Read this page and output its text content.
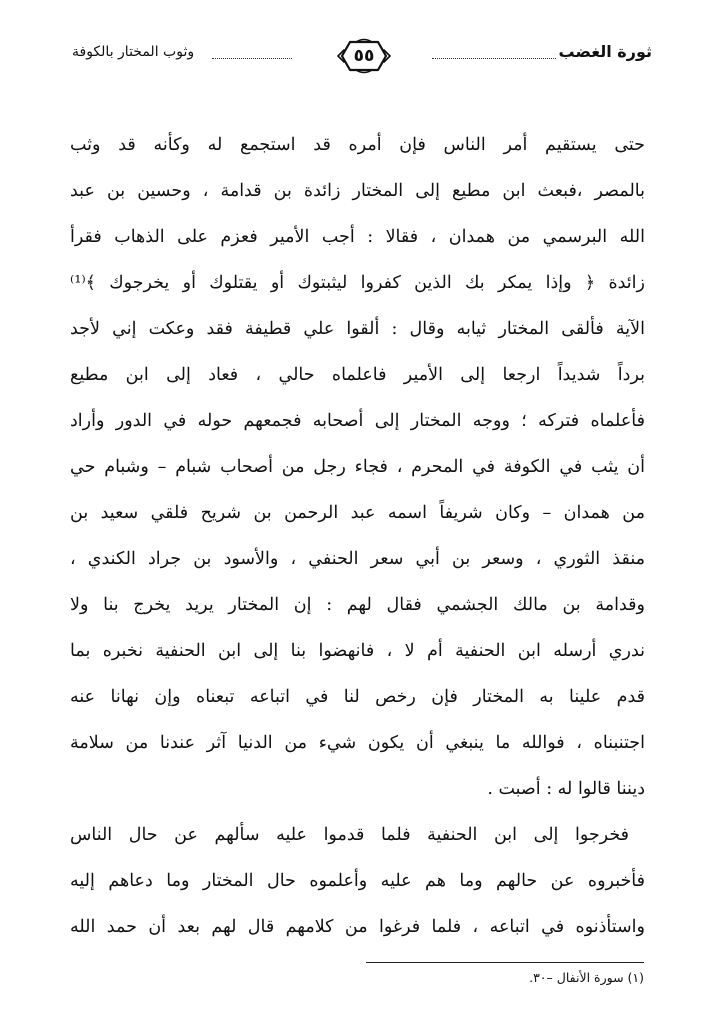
ثورة الغضب
٥٥
وثوب المختار بالكوفة
حتى يستقيم أمر الناس فإن أمره قد استجمع له وكأنه قد وثب
بالمصر ،فبعث ابن مطيع إلى المختار زائدة بن قدامة ، وحسين بن عبد
الله البرسمي من همدان ، فقالا : أجب الأمير فعزم على الذهاب فقرأ
زائدة ﴿ وإذا يمكر بك الذين كفروا ليثبتوك أو يقتلوك أو يخرجوك ﴾⁽¹⁾
الآية فألقى المختار ثيابه وقال : ألقوا علي قطيفة فقد وعكت إني لأجد
برداً شديداً ارجعا إلى الأمير فاعلماه حالي ، فعاد إلى ابن مطيع
فأعلماه فتركه ؛ ووجه المختار إلى أصحابه فجمعهم حوله في الدور وأراد
أن يثب في الكوفة في المحرم ، فجاء رجل من أصحاب شبام – وشبام حي
من همدان – وكان شريفاً اسمه عبد الرحمن بن شريح فلقي سعيد بن
منقذ الثوري ، وسعر بن أبي سعر الحنفي ، والأسود بن جراد الكندي ،
وقدامة بن مالك الجشمي فقال لهم : إن المختار يريد يخرج بنا ولا
ندري أرسله ابن الحنفية أم لا ، فانهضوا بنا إلى ابن الحنفية نخبره بما
قدم علينا به المختار فإن رخص لنا في اتباعه تبعناه وإن نهانا عنه
اجتنبناه ، فوالله ما ينبغي أن يكون شيء من الدنيا آثر عندنا من سلامة
ديننا قالوا له : أصبت .
فخرجوا إلى ابن الحنفية فلما قدموا عليه سألهم عن حال الناس
فأخبروه عن حالهم وما هم عليه وأعلموه حال المختار وما دعاهم إليه
واستأذنوه في اتباعه ، فلما فرغوا من كلامهم قال لهم بعد أن حمد الله
(١) سورة الأنفال –٣٠.
